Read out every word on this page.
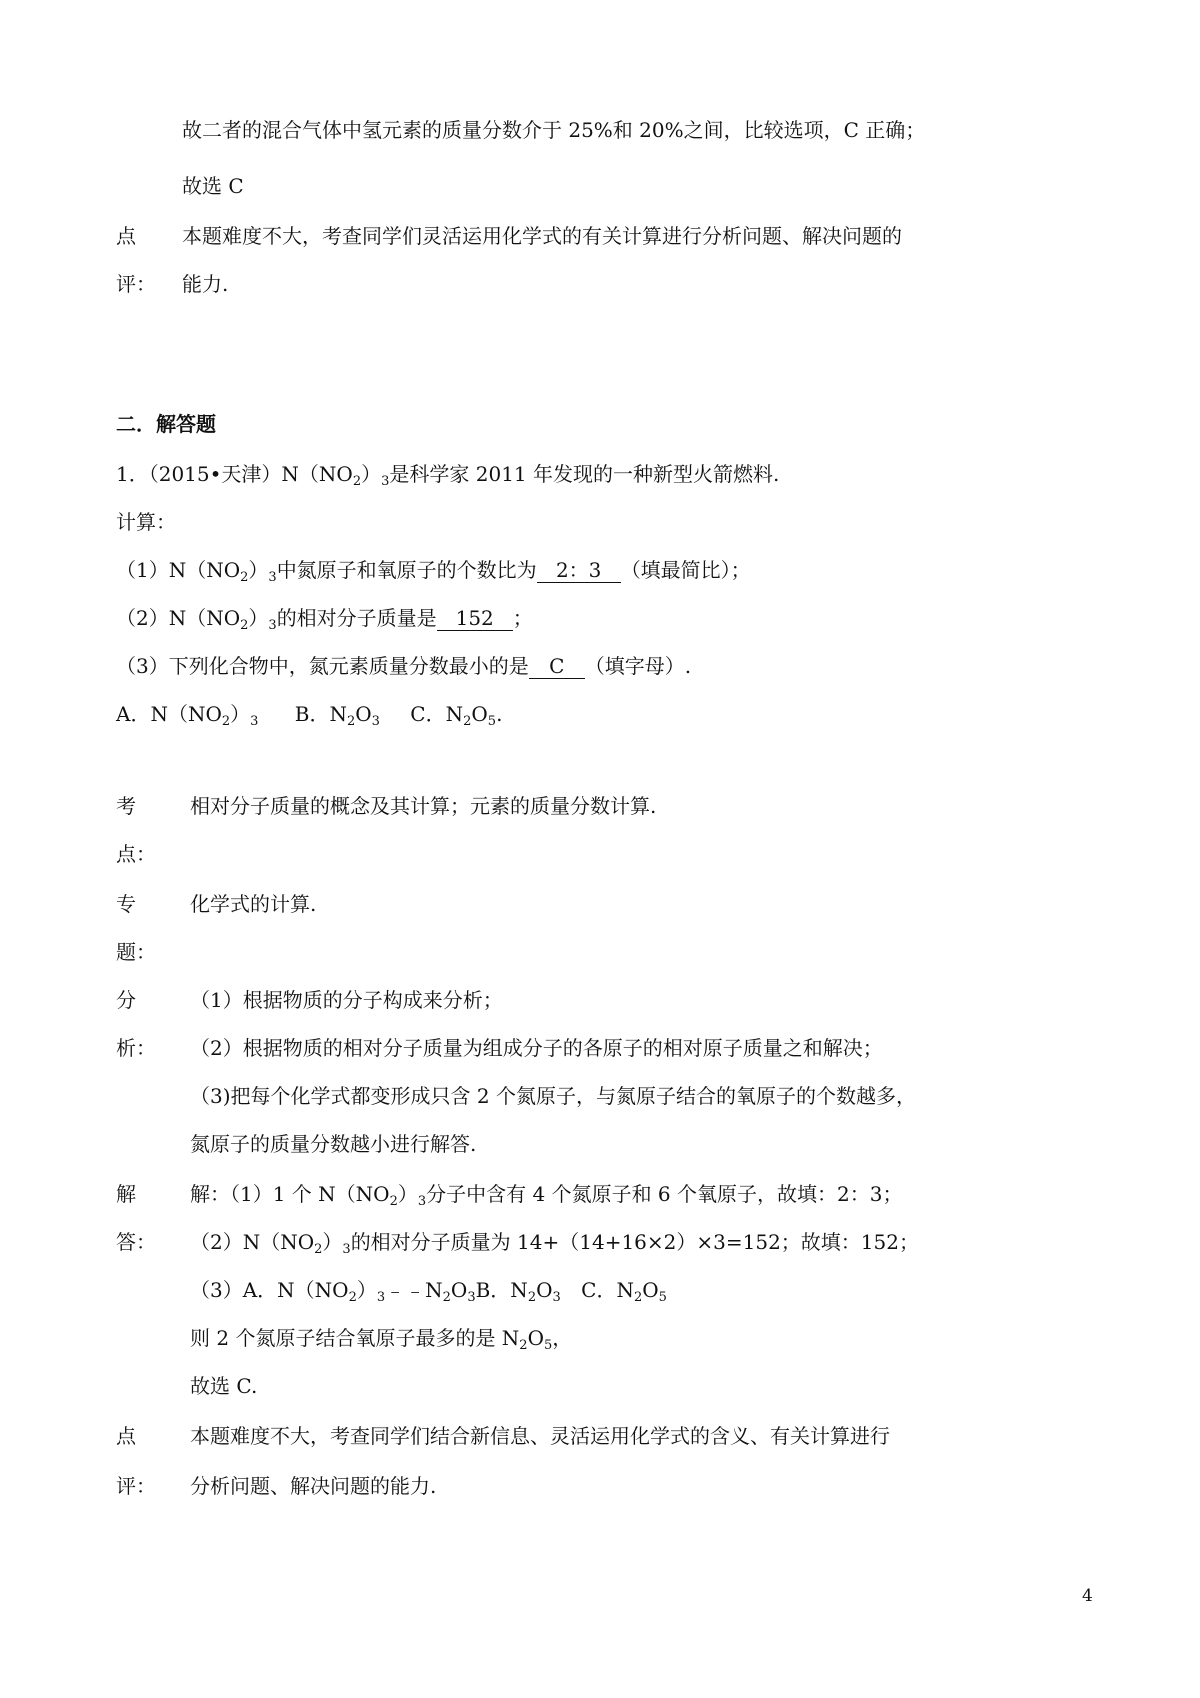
故二者的混合气体中氢元素的质量分数介于 25%和 20%之间，比较选项，C 正确；
故选 C
点 本题难度不大，考查同学们灵活运用化学式的有关计算进行分析问题、解决问题的
评： 能力.
二．解答题
1．（2015•天津）$N(NO_2)_3$是科学家 2011 年发现的一种新型火箭燃料.
计算：
$(1)N(NO_2)_3$中氮原子和氧原子的个数比为 2：3 （填最简比）；
$(2)N(NO_2)_3$的相对分子质量是 152 ；
（3）下列化合物中，氮元素质量分数最小的是 C （填字母）.
A．$N(NO_2)_3$ B．$N_2O_3$ C．$N_2O_5$.
考
点：
相对分子质量的概念及其计算；元素的质量分数计算.
专
题：
化学式的计算.
分
析：
（1）根据物质的分子构成来分析；
（2）根据物质的相对分子质量为组成分子的各原子的相对原子质量之和解决；
（3)把每个化学式都变形成只含 2 个氮原子，与氮原子结合的氧原子的个数越多，
氮原子的质量分数越小进行解答.
解
答：
解：（1）1 个 $N(NO_2)_3$分子中含有 4 个氮原子和 6 个氧原子，故填：2：3；
$(2)N(NO_2)_3$的相对分子质量为 14+（14+16×2）×3=152；故填：152；
（3）A．$N(NO_2)_3﹣﹣N_2O_3B$．$N_2O_3$ C．$N_2O_5$
则 2 个氮原子结合氧原子最多的是 $N_2O_5$，
故选 C.
点
评：
本题难度不大，考查同学们结合新信息、灵活运用化学式的含义、有关计算进行
分析问题、解决问题的能力.
4
